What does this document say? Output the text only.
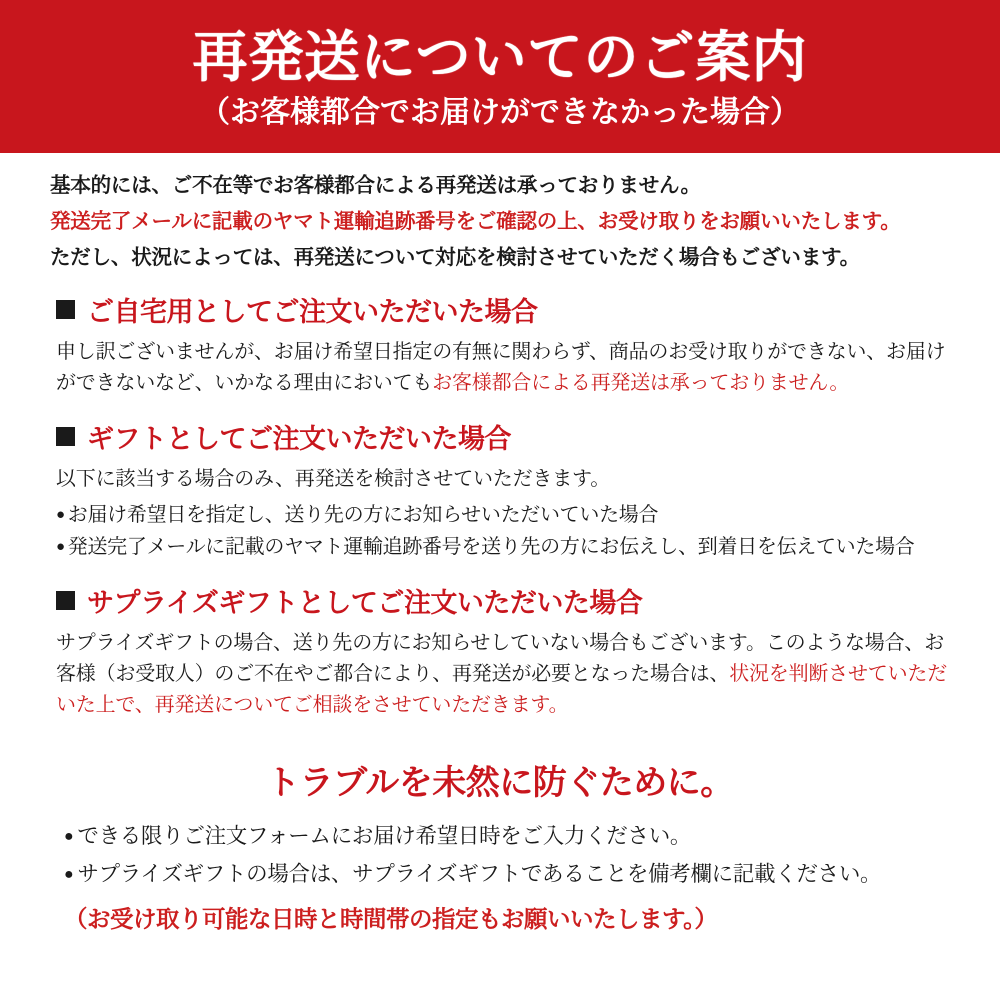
再発送についてのご案内

（お客様都合でお届けができなかった場合）

基本的には、ご不在等でお客様都合による再発送は承っておりません。

発送完了メールに記載のヤマト運輸追跡番号をご確認の上、お受け取りをお願いいたします。

ただし、状況によっては、再発送について対応を検討させていただく場合もございます。

ご自宅用としてご注文いただいた場合

申し訳ございませんが、お届け希望日指定の有無に関わらず、商品のお受け取りができない、お届けができないなど、いかなる理由においてもお客様都合による再発送は承っておりません。

ギフトとしてご注文いただいた場合

以下に該当する場合のみ、再発送を検討させていただきます。

● お届け希望日を指定し、送り先の方にお知らせいただいていた場合
● 発送完了メールに記載のヤマト運輸追跡番号を送り先の方にお伝えし、到着日を伝えていた場合
サプライズギフトとしてご注文いただいた場合

サプライズギフトの場合、送り先の方にお知らせしていない場合もございます。このような場合、お客様（お受取人）のご不在やご都合により、再発送が必要となった場合は、状況を判断させていただいた上で、再発送についてご相談をさせていただきます。

トラブルを未然に防ぐために。
● できる限りご注文フォームにお届け希望日時をご入力ください。
● サプライズギフトの場合は、サプライズギフトであることを備考欄に記載ください。

（お受け取り可能な日時と時間帯の指定もお願いいたします。）
